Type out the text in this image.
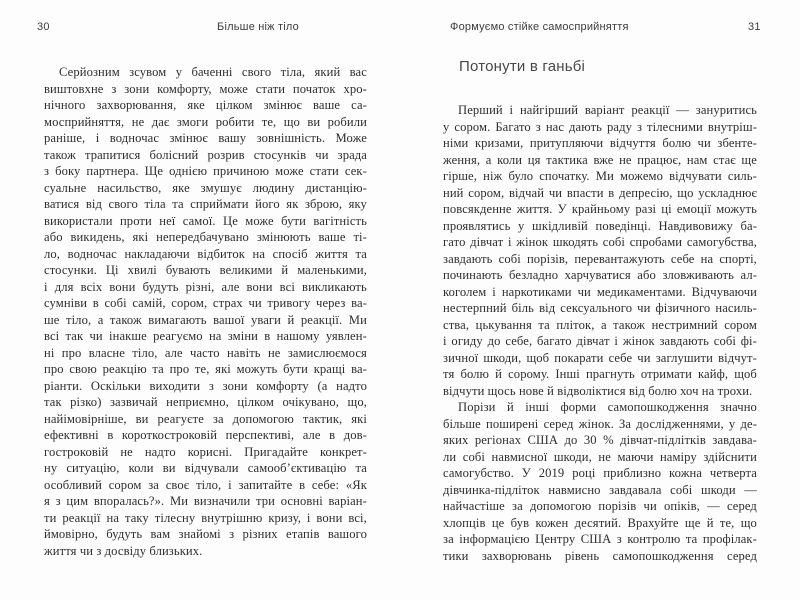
30	Більше ніж тіло	Формуємо стійке самосприйняття	31
Серйозним зсувом у баченні свого тіла, який вас
виштовхне з зони комфорту, може стати початок хро-
нічного захворювання, яке цілком змінює ваше са-
мосприйняття, не дає змоги робити те, що ви робили
раніше, і водночас змінює вашу зовнішність. Може
також трапитися болісний розрив стосунків чи зрада
з боку партнера. Ще однією причиною може стати сек-
суальне насильство, яке змушує людину дистанцію-
ватися від свого тіла та сприймати його як зброю, яку
використали проти неї самої. Це може бути вагітність
або викидень, які непередбачувано змінюють ваше ті-
ло, водночас накладаючи відбиток на спосіб життя та
стосунки. Ці хвилі бувають великими й маленькими,
і для всіх вони будуть різні, але вони всі викликають
сумніви в собі самій, сором, страх чи тривогу через ва-
ше тіло, а також вимагають вашої уваги й реакції. Ми
всі так чи інакше реагуємо на зміни в нашому уявлен-
ні про власне тіло, але часто навіть не замислюємося
про свою реакцію та про те, які можуть бути кращі ва-
ріанти. Оскільки виходити з зони комфорту (а надто
так різко) зазвичай неприємно, цілком очікувано, що,
найімовірніше, ви реагуєте за допомогою тактик, які
ефективні в короткостроковій перспективі, але в дов-
гостроковій не надто корисні. Пригадайте конкрет-
ну ситуацію, коли ви відчували самооб’єктивацію та
особливий сором за своє тіло, і запитайте в себе: «Як
я з цим впоралась?». Ми визначили три основні варіан-
ти реакції на таку тілесну внутрішню кризу, і вони всі,
ймовірно, будуть вам знайомі з різних етапів вашого
життя чи з досвіду близьких.
Потонути в ганьбі
Перший і найгірший варіант реакції — зануритись
у сором. Багато з нас дають раду з тілесними внутріш-
німи кризами, притупляючи відчуття болю чи збенте-
ження, а коли ця тактика вже не працює, нам стає ще
гірше, ніж було спочатку. Ми можемо відчувати силь-
ний сором, відчай чи впасти в депресію, що ускладнює
повсякденне життя. У крайньому разі ці емоції можуть
проявлятись у шкідливій поведінці. Навдивовижу ба-
гато дівчат і жінок шкодять собі спробами самогубства,
завдають собі порізів, перевантажують себе на спорті,
починають безладно харчуватися або зловживають ал-
коголем і наркотиками чи медикаментами. Відчуваючи
нестерпний біль від сексуального чи фізичного насиль-
ства, цькування та пліток, а також нестримний сором
і огиду до себе, багато дівчат і жінок завдають собі фі-
зичної шкоди, щоб покарати себе чи заглушити відчут-
тя болю й сорому. Інші прагнуть отримати кайф, щоб
відчути щось нове й відволіктися від болю хоч на трохи.
Порізи й інші форми самопошкодження значно
більше поширені серед жінок. За дослідженнями, у де-
яких регіонах США до 30 % дівчат-підлітків завдава-
ли собі навмисної шкоди, не маючи наміру здійснити
самогубство. У 2019 році приблизно кожна четверта
дівчинка-підліток навмисно завдавала собі шкоди —
найчастіше за допомогою порізів чи опіків, — серед
хлопців це був кожен десятий. Врахуйте ще й те, що
за інформацією Центру США з контролю та профілак-
тики захворювань рівень самопошкодження серед
